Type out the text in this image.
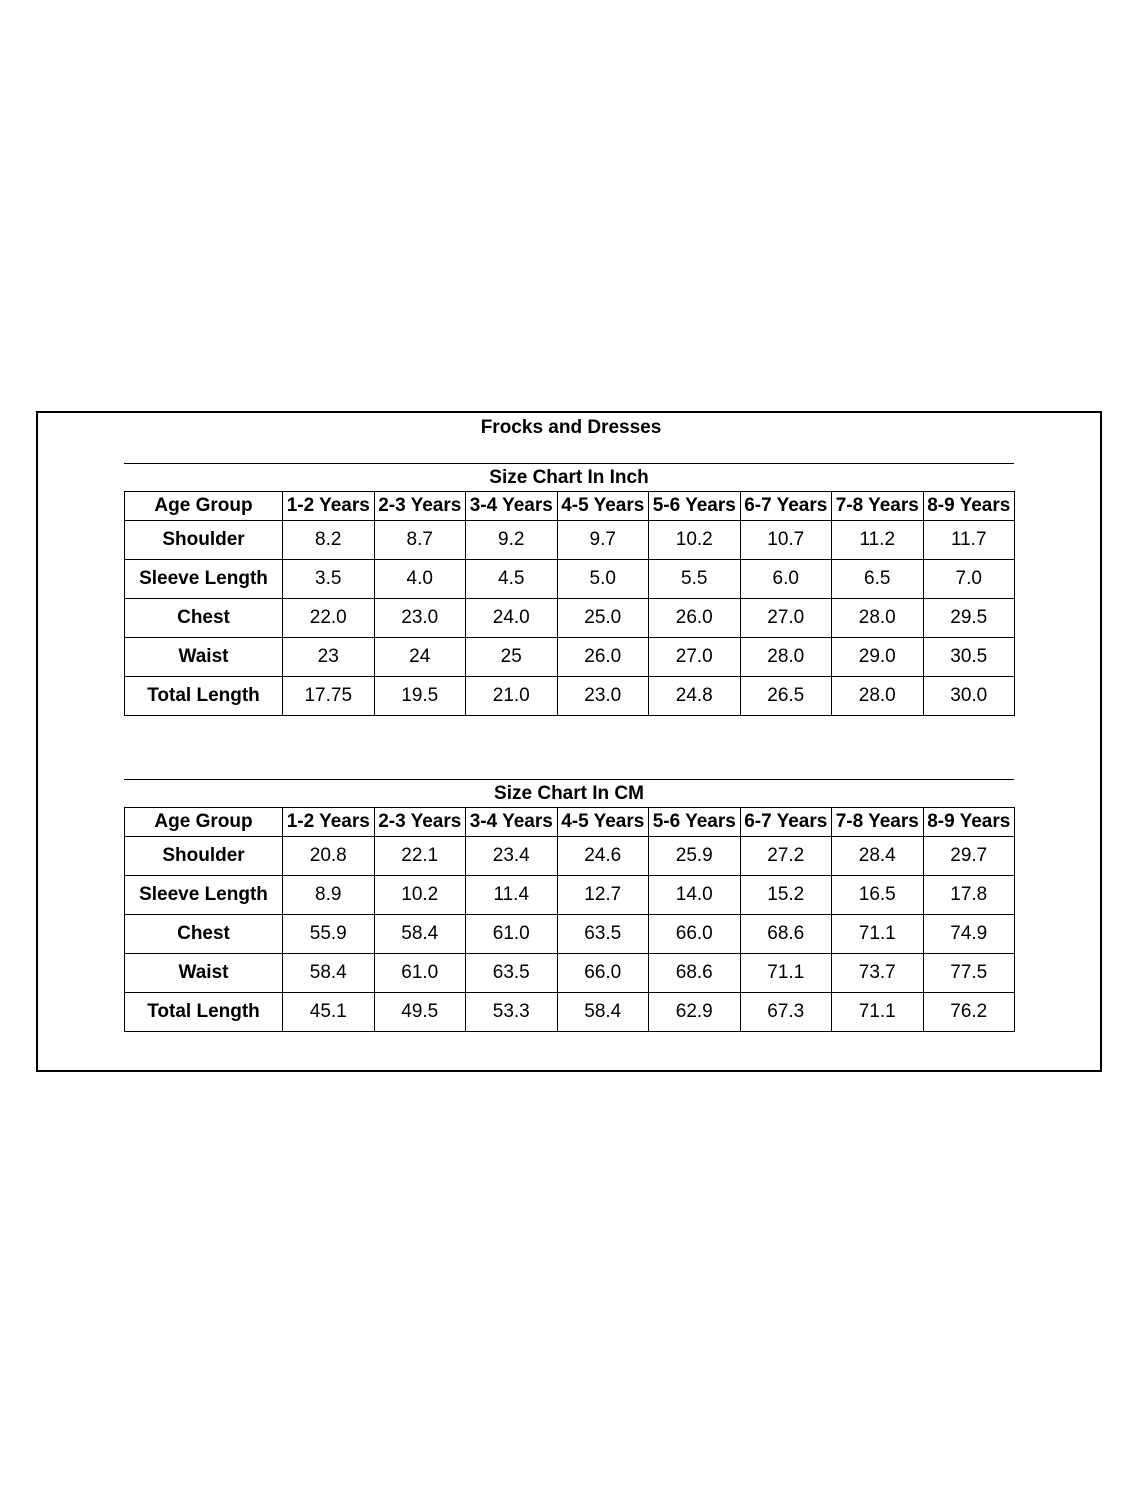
Frocks and Dresses
Size Chart In Inch
Age Group	1-2 Years	2-3 Years	3-4 Years	4-5 Years	5-6 Years	6-7 Years	7-8 Years	8-9 Years
Shoulder	8.2	8.7	9.2	9.7	10.2	10.7	11.2	11.7
Sleeve Length	3.5	4.0	4.5	5.0	5.5	6.0	6.5	7.0
Chest	22.0	23.0	24.0	25.0	26.0	27.0	28.0	29.5
Waist	23	24	25	26.0	27.0	28.0	29.0	30.5
Total Length	17.75	19.5	21.0	23.0	24.8	26.5	28.0	30.0
Size Chart In CM
Age Group	1-2 Years	2-3 Years	3-4 Years	4-5 Years	5-6 Years	6-7 Years	7-8 Years	8-9 Years
Shoulder	20.8	22.1	23.4	24.6	25.9	27.2	28.4	29.7
Sleeve Length	8.9	10.2	11.4	12.7	14.0	15.2	16.5	17.8
Chest	55.9	58.4	61.0	63.5	66.0	68.6	71.1	74.9
Waist	58.4	61.0	63.5	66.0	68.6	71.1	73.7	77.5
Total Length	45.1	49.5	53.3	58.4	62.9	67.3	71.1	76.2
